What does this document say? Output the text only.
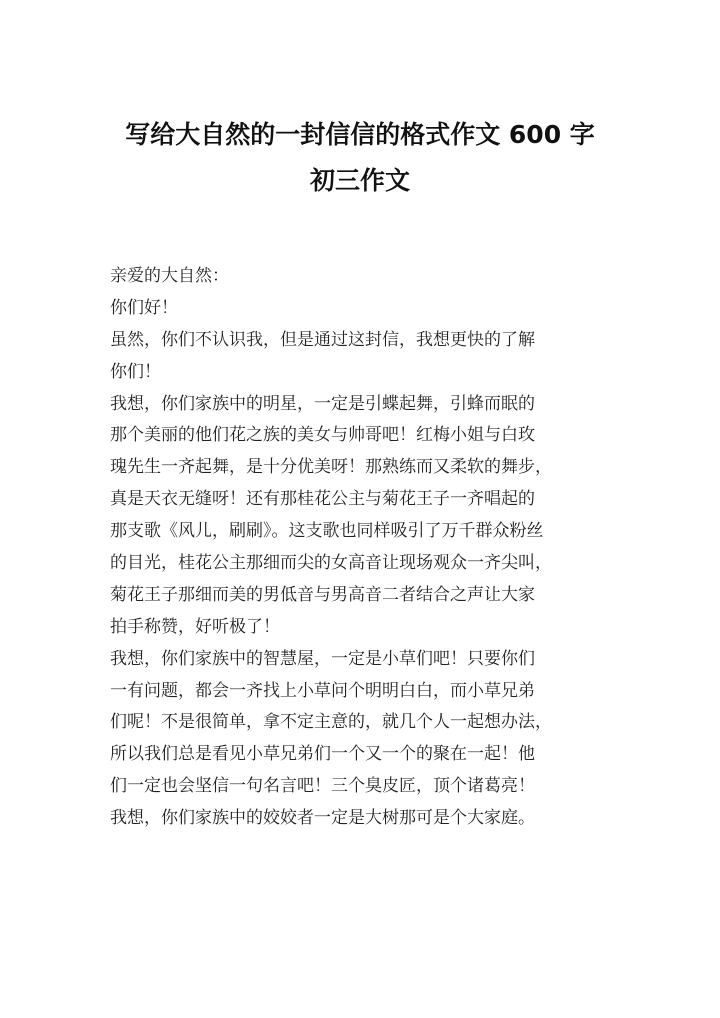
写给大自然的一封信信的格式作文 600 字
初三作文
亲爱的大自然：
你们好！
虽然，你们不认识我，但是通过这封信，我想更快的了解
你们！
我想，你们家族中的明星，一定是引蝶起舞，引蜂而眠的
那个美丽的他们花之族的美女与帅哥吧！红梅小姐与白玫
瑰先生一齐起舞，是十分优美呀！那熟练而又柔软的舞步，
真是天衣无缝呀！还有那桂花公主与菊花王子一齐唱起的
那支歌《风儿，刷刷》。这支歌也同样吸引了万千群众粉丝
的目光，桂花公主那细而尖的女高音让现场观众一齐尖叫，
菊花王子那细而美的男低音与男高音二者结合之声让大家
拍手称赞，好听极了！
我想，你们家族中的智慧屋，一定是小草们吧！只要你们
一有问题，都会一齐找上小草问个明明白白，而小草兄弟
们呢！不是很简单，拿不定主意的，就几个人一起想办法，
所以我们总是看见小草兄弟们一个又一个的聚在一起！他
们一定也会坚信一句名言吧！三个臭皮匠，顶个诸葛亮！
我想，你们家族中的姣姣者一定是大树那可是个大家庭。
